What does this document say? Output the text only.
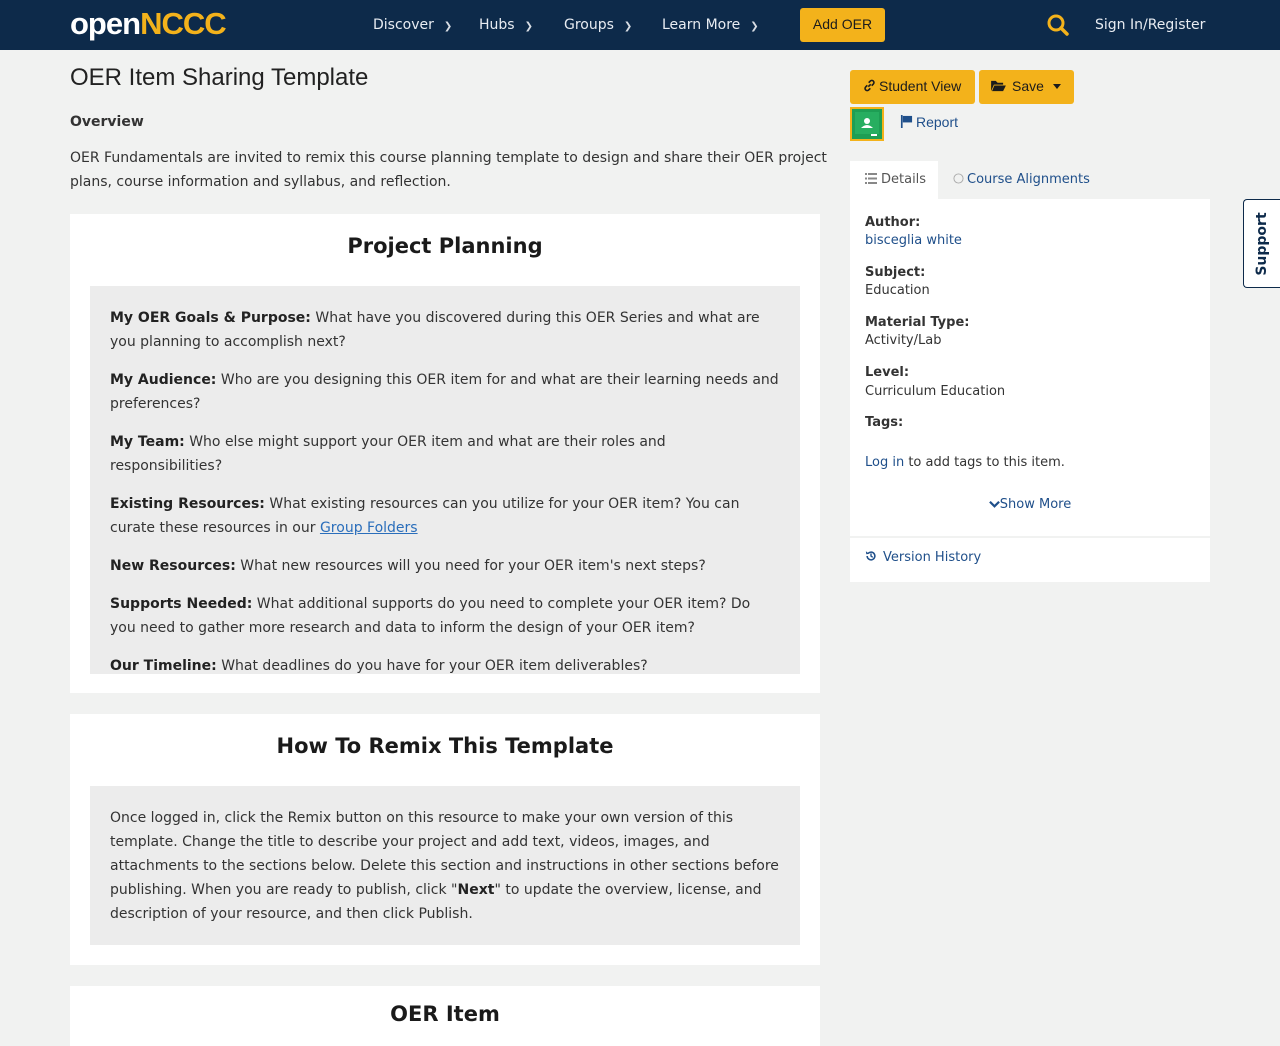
openNCCC	Discover ❯ Hubs ❯ Groups ❯ Learn More ❯	Add OER	Sign In/Register
OER Item Sharing Template
Overview
OER Fundamentals are invited to remix this course planning template to design and share their OER project plans, course information and syllabus, and reflection.
Project Planning

My OER Goals & Purpose: What have you discovered during this OER Series and what are you planning to accomplish next?

My Audience: Who are you designing this OER item for and what are their learning needs and preferences?

My Team: Who else might support your OER item and what are their roles and responsibilities?

Existing Resources: What existing resources can you utilize for your OER item? You can curate these resources in our Group Folders

New Resources: What new resources will you need for your OER item's next steps?

Supports Needed: What additional supports do you need to complete your OER item? Do you need to gather more research and data to inform the design of your OER item?

Our Timeline: What deadlines do you have for your OER item deliverables?

How To Remix This Template

Once logged in, click the Remix button on this resource to make your own version of this template. Change the title to describe your project and add text, videos, images, and attachments to the sections below. Delete this section and instructions in other sections before publishing. When you are ready to publish, click "Next" to update the overview, license, and description of your resource, and then click Publish.

OER Item
Student View	Save
Report
Details	Course Alignments
Author:
bisceglia white
Subject:
Education
Material Type:
Activity/Lab
Level:
Curriculum Education
Tags:
Log in to add tags to this item.
Show More
Version History
Support
